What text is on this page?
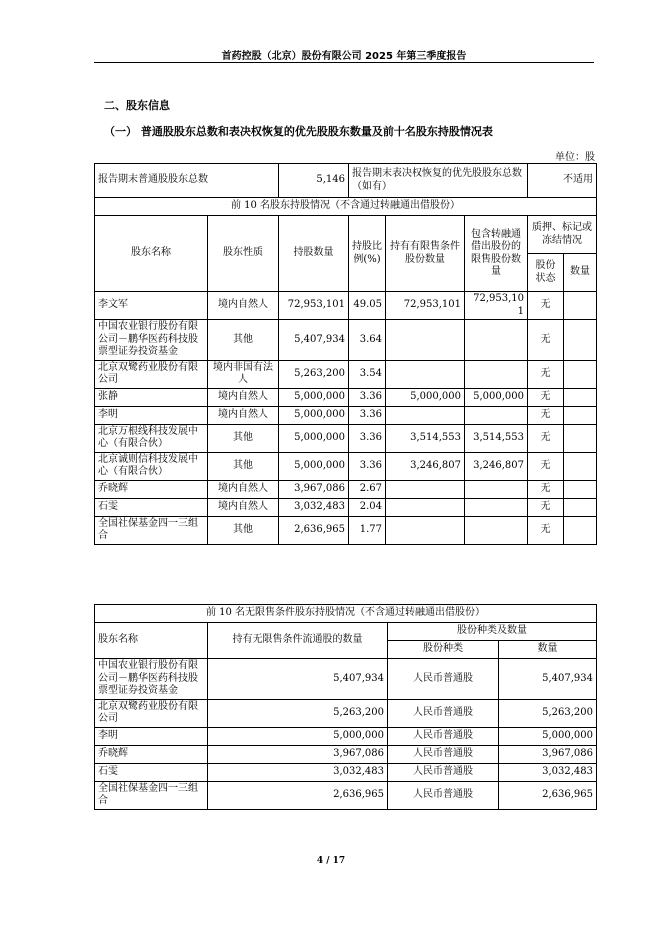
首药控股（北京）股份有限公司 2025 年第三季度报告
二、股东信息
（一） 普通股股东总数和表决权恢复的优先股股东数量及前十名股东持股情况表
单位：股
报告期末普通股股东总数		5,146	报告期末表决权恢复的优先股股东总数（如有）			不适用	
前 10 名股东持股情况（不含通过转融通出借股份）							
股东名称	股东性质	持股数量	持股比例(%)	持有有限售条件股份数量	包含转融通借出股份的限售股份数量	质押、标记或冻结情况	
						股份状态	数量
李文军	境内自然人	72,953,101	49.05	72,953,101	72,953,101	无	
中国农业银行股份有限公司－鹏华医药科技股票型证券投资基金	其他	5,407,934	3.64			无	
北京双鹭药业股份有限公司	境内非国有法人	5,263,200	3.54			无	
张静	境内自然人	5,000,000	3.36	5,000,000	5,000,000	无	
李明	境内自然人	5,000,000	3.36			无	
北京万根线科技发展中心（有限合伙）	其他	5,000,000	3.36	3,514,553	3,514,553	无	
北京诚则信科技发展中心（有限合伙）	其他	5,000,000	3.36	3,246,807	3,246,807	无	
乔晓辉	境内自然人	3,967,086	2.67			无	
石雯	境内自然人	3,032,483	2.04			无	
全国社保基金四一三组合	其他	2,636,965	1.77			无	
前 10 名无限售条件股东持股情况（不含通过转融通出借股份）			
股东名称	持有无限售条件流通股的数量	股份种类及数量	
		股份种类	数量
中国农业银行股份有限公司－鹏华医药科技股票型证券投资基金	5,407,934	人民币普通股	5,407,934
北京双鹭药业股份有限公司	5,263,200	人民币普通股	5,263,200
李明	5,000,000	人民币普通股	5,000,000
乔晓辉	3,967,086	人民币普通股	3,967,086
石雯	3,032,483	人民币普通股	3,032,483
全国社保基金四一三组合	2,636,965	人民币普通股	2,636,965
4 / 17
